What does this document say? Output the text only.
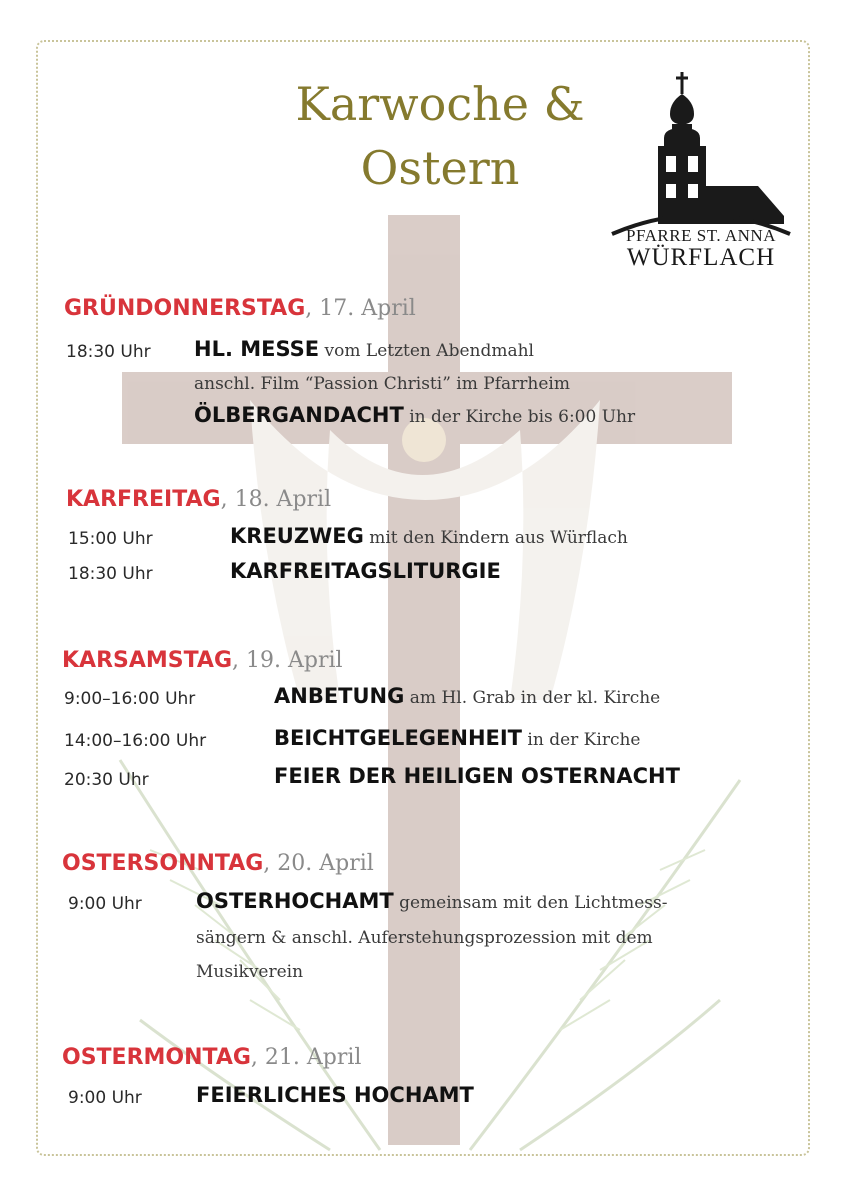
Karwoche &
Ostern
PFARRE ST. ANNA
WÜRFLACH
GRÜNDONNERSTAG, 17. April
18:30 Uhr HL. MESSE vom Letzten Abendmahl
anschl. Film “Passion Christi” im Pfarrheim
ÖLBERGANDACHT in der Kirche bis 6:00 Uhr
KARFREITAG, 18. April
15:00 Uhr	KREUZWEG mit den Kindern aus Würflach
18:30 Uhr	KARFREITAGSLITURGIE
KARSAMSTAG, 19. April
9:00–16:00 Uhr	ANBETUNG am Hl. Grab in der kl. Kirche
14:00–16:00 Uhr	BEICHTGELEGENHEIT in der Kirche
20:30 Uhr	FEIER DER HEILIGEN OSTERNACHT
OSTERSONNTAG, 20. April
9:00 Uhr	OSTERHOCHAMT gemeinsam mit den Lichtmess-
sängern & anschl. Auferstehungsprozession mit dem
Musikverein
OSTERMONTAG, 21. April
9:00 Uhr	FEIERLICHES HOCHAMT
